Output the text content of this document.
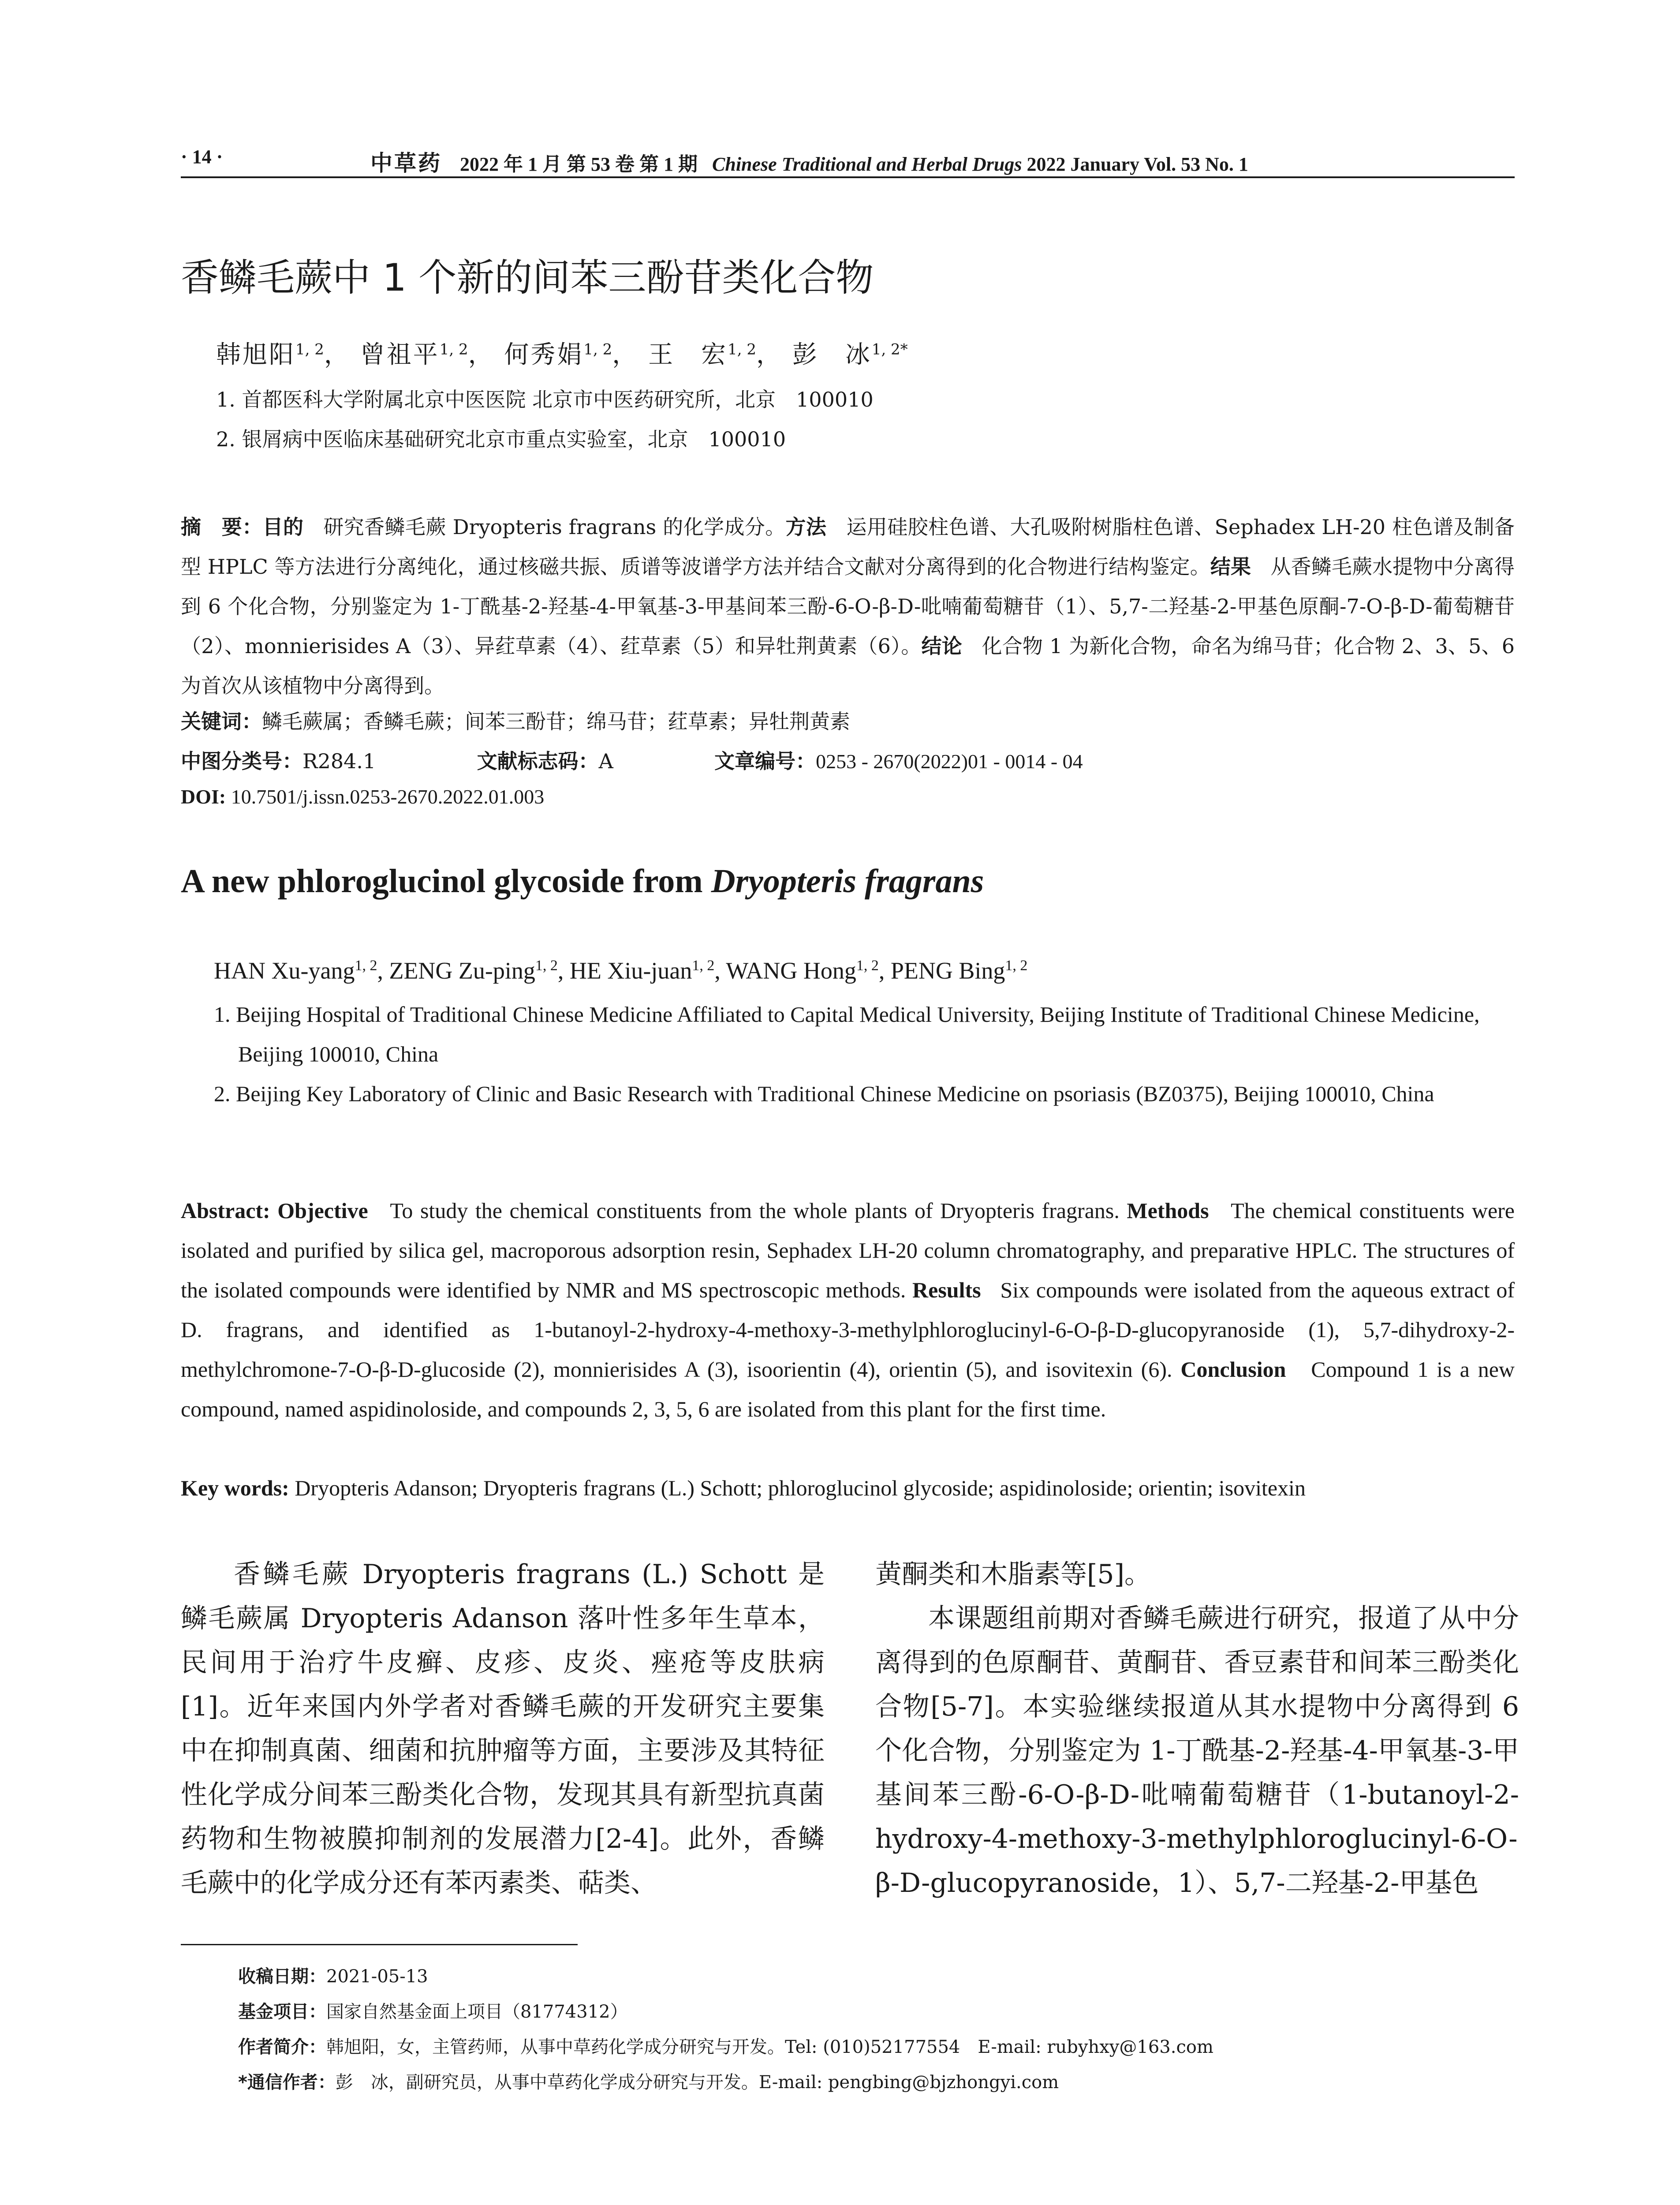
· 14 ·	中草药 2022 年 1 月 第 53 卷 第 1 期 Chinese Traditional and Herbal Drugs 2022 January Vol. 53 No. 1
香鳞毛蕨中 1 个新的间苯三酚苷类化合物
韩旭阳$^{1, 2}$， 曾祖平$^{1, 2}$， 何秀娟$^{1, 2}$， 王　宏$^{1, 2}$， 彭　冰$^{1, 2*}$
1. 首都医科大学附属北京中医医院 北京市中医药研究所，北京　100010
2. 银屑病中医临床基础研究北京市重点实验室，北京　100010
摘　要：目的 研究香鳞毛蕨 Dryopteris fragrans 的化学成分。方法 运用硅胶柱色谱、大孔吸附树脂柱色谱、Sephadex LH-20 柱色谱及制备型 HPLC 等方法进行分离纯化，通过核磁共振、质谱等波谱学方法并结合文献对分离得到的化合物进行结构鉴定。结果 从香鳞毛蕨水提物中分离得到 6 个化合物，分别鉴定为 1-丁酰基-2-羟基-4-甲氧基-3-甲基间苯三酚-6-O-β-D-吡喃葡萄糖苷（1）、5,7-二羟基-2-甲基色原酮-7-O-β-D-葡萄糖苷（2）、monnierisides A（3）、异荭草素（4）、荭草素（5）和异牡荆黄素（6）。结论 化合物 1 为新化合物，命名为绵马苷；化合物 2、3、5、6 为首次从该植物中分离得到。
关键词：鳞毛蕨属；香鳞毛蕨；间苯三酚苷；绵马苷；荭草素；异牡荆黄素
中图分类号：R284.1	文献标志码：A	文章编号：0253 - 2670(2022)01 - 0014 - 04
DOI: 10.7501/j.issn.0253-2670.2022.01.003
A new phloroglucinol glycoside from Dryopteris fragrans
HAN Xu-yang$^{1, 2}$, ZENG Zu-ping$^{1, 2}$, HE Xiu-juan$^{1, 2}$, WANG Hong$^{1, 2}$, PENG Bing$^{1, 2}$
1. Beijing Hospital of Traditional Chinese Medicine Affiliated to Capital Medical University, Beijing Institute of Traditional Chinese Medicine, Beijing 100010, China
2. Beijing Key Laboratory of Clinic and Basic Research with Traditional Chinese Medicine on psoriasis (BZ0375), Beijing 100010, China
Abstract: Objective To study the chemical constituents from the whole plants of Dryopteris fragrans. Methods The chemical constituents were isolated and purified by silica gel, macroporous adsorption resin, Sephadex LH-20 column chromatography, and preparative HPLC. The structures of the isolated compounds were identified by NMR and MS spectroscopic methods. Results Six compounds were isolated from the aqueous extract of D. fragrans, and identified as 1-butanoyl-2-hydroxy-4-methoxy-3-methylphloroglucinyl-6-O-β-D-glucopyranoside (1), 5,7-dihydroxy-2-methylchromone-7-O-β-D-glucoside (2), monnierisides A (3), isoorientin (4), orientin (5), and isovitexin (6). Conclusion Compound 1 is a new compound, named aspidinoloside, and compounds 2, 3, 5, 6 are isolated from this plant for the first time.
Key words: Dryopteris Adanson; Dryopteris fragrans (L.) Schott; phloroglucinol glycoside; aspidinoloside; orientin; isovitexin
香鳞毛蕨 Dryopteris fragrans (L.) Schott 是鳞毛蕨属 Dryopteris Adanson 落叶性多年生草本，民间用于治疗牛皮癣、皮疹、皮炎、痤疮等皮肤病[1]。近年来国内外学者对香鳞毛蕨的开发研究主要集中在抑制真菌、细菌和抗肿瘤等方面，主要涉及其特征性化学成分间苯三酚类化合物，发现其具有新型抗真菌药物和生物被膜抑制剂的发展潜力[2-4]。此外，香鳞毛蕨中的化学成分还有苯丙素类、萜类、
黄酮类和木脂素等[5]。
本课题组前期对香鳞毛蕨进行研究，报道了从中分离得到的色原酮苷、黄酮苷、香豆素苷和间苯三酚类化合物[5-7]。本实验继续报道从其水提物中分离得到 6 个化合物，分别鉴定为 1-丁酰基-2-羟基-4-甲氧基-3-甲基间苯三酚-6-O-β-D-吡喃葡萄糖苷（1-butanoyl-2-hydroxy-4-methoxy-3-methylphloroglucinyl-6-O-β-D-glucopyranoside，1）、5,7-二羟基-2-甲基色
收稿日期：2021-05-13
基金项目：国家自然基金面上项目（81774312）
作者简介：韩旭阳，女，主管药师，从事中草药化学成分研究与开发。Tel: (010)52177554　E-mail: rubyhxy@163.com
*通信作者：彭　冰，副研究员，从事中草药化学成分研究与开发。E-mail: pengbing@bjzhongyi.com
